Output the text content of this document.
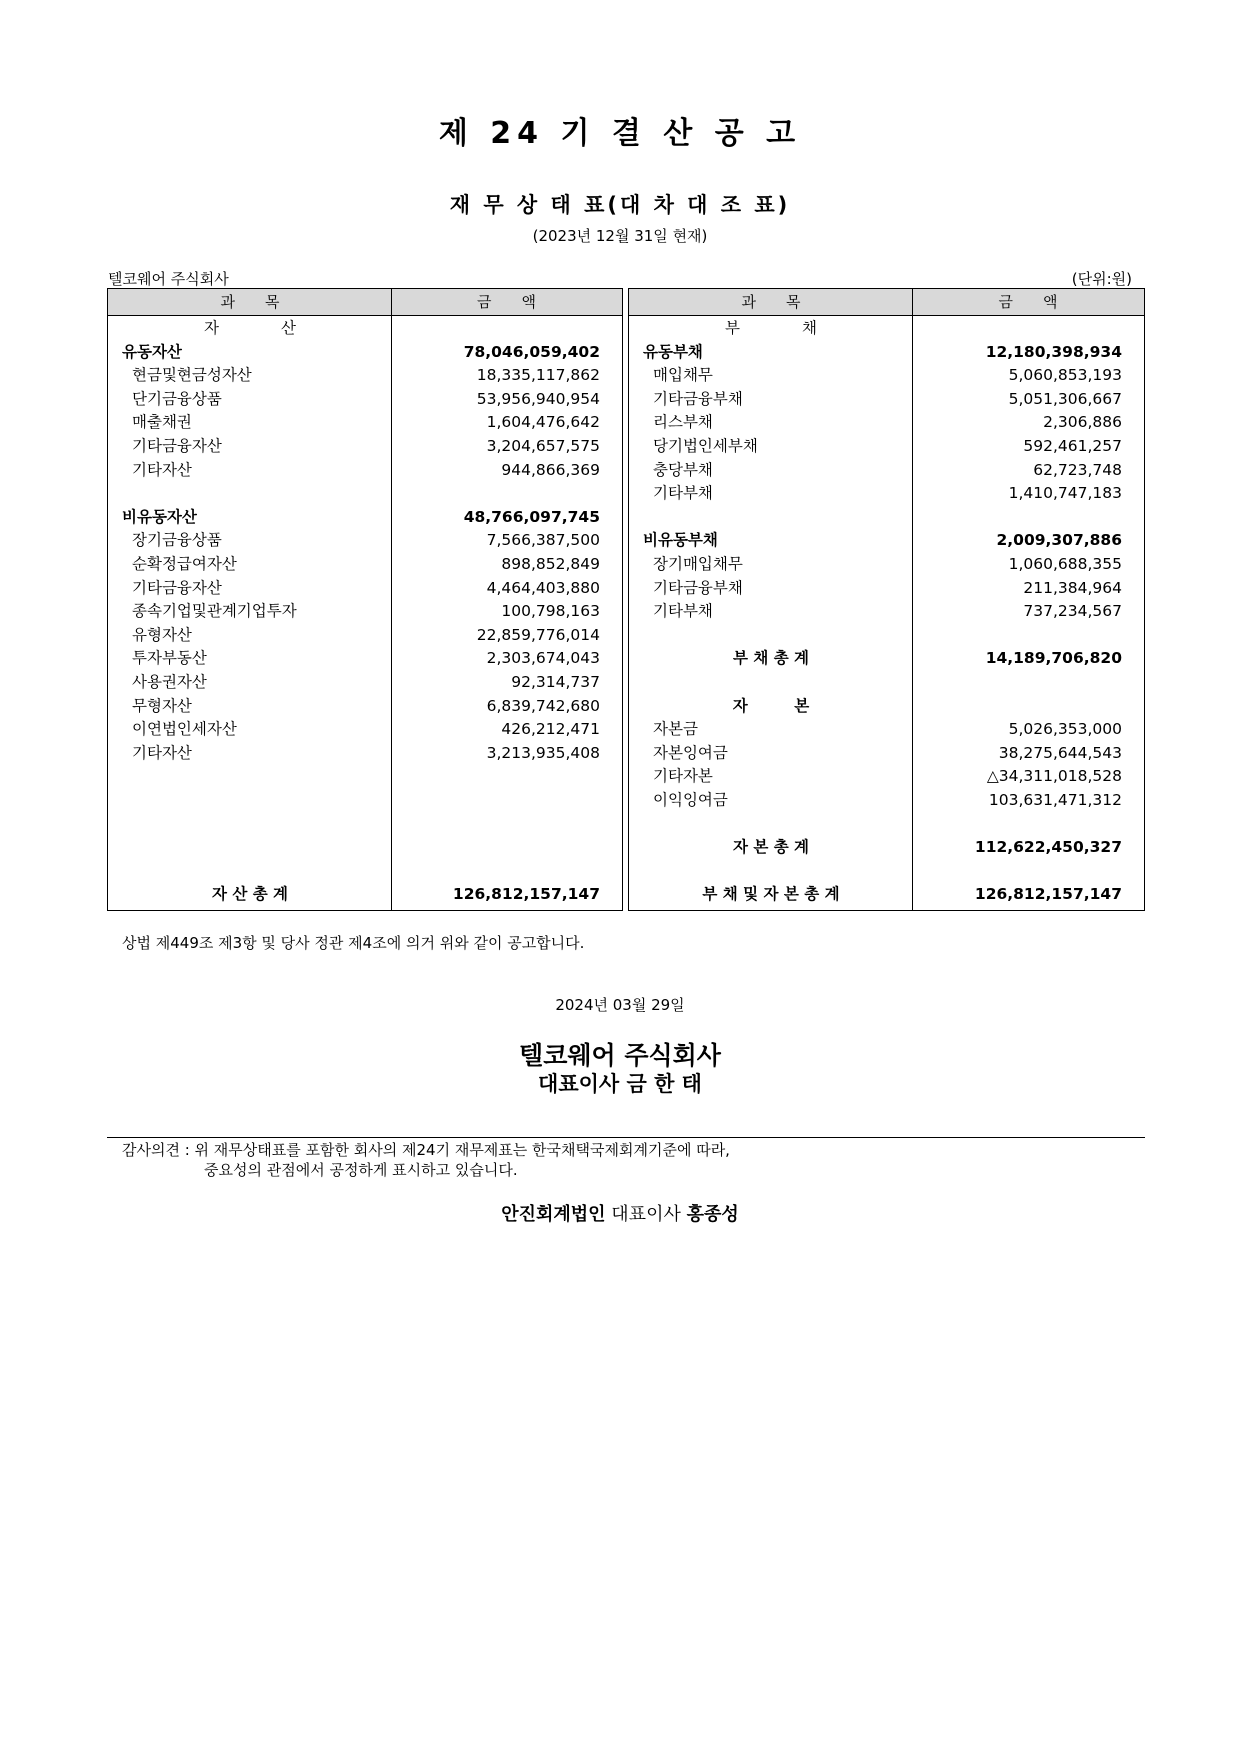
제 24 기 결 산 공 고
재 무 상 태 표(대 차 대 조 표)
(2023년 12월 31일 현재)
텔코웨어 주식회사	(단위:원)
과　　목	금　　액
자　　　　산
유동자산	78,046,059,402
현금및현금성자산	18,335,117,862
단기금융상품	53,956,940,954
매출채권	1,604,476,642
기타금융자산	3,204,657,575
기타자산	944,866,369
비유동자산	48,766,097,745
장기금융상품	7,566,387,500
순확정급여자산	898,852,849
기타금융자산	4,464,403,880
종속기업및관계기업투자	100,798,163
유형자산	22,859,776,014
투자부동산	2,303,674,043
사용권자산	92,314,737
무형자산	6,839,742,680
이연법인세자산	426,212,471
기타자산	3,213,935,408
자 산 총 계	126,812,157,147
과　　목	금　　액
부　　　　채
유동부채	12,180,398,934
매입채무	5,060,853,193
기타금융부채	5,051,306,667
리스부채	2,306,886
당기법인세부채	592,461,257
충당부채	62,723,748
기타부채	1,410,747,183
비유동부채	2,009,307,886
장기매입채무	1,060,688,355
기타금융부채	211,384,964
기타부채	737,234,567
부 채 총 계	14,189,706,820
자　　　본
자본금	5,026,353,000
자본잉여금	38,275,644,543
기타자본	△34,311,018,528
이익잉여금	103,631,471,312
자 본 총 계	112,622,450,327
부 채 및 자 본 총 계	126,812,157,147
상법 제449조 제3항 및 당사 정관 제4조에 의거 위와 같이 공고합니다.
2024년 03월 29일
텔코웨어 주식회사
대표이사 금 한 태
감사의견 : 위 재무상태표를 포함한 회사의 제24기 재무제표는 한국채택국제회계기준에 따라,
중요성의 관점에서 공정하게 표시하고 있습니다.
안진회계법인 대표이사 홍종성
